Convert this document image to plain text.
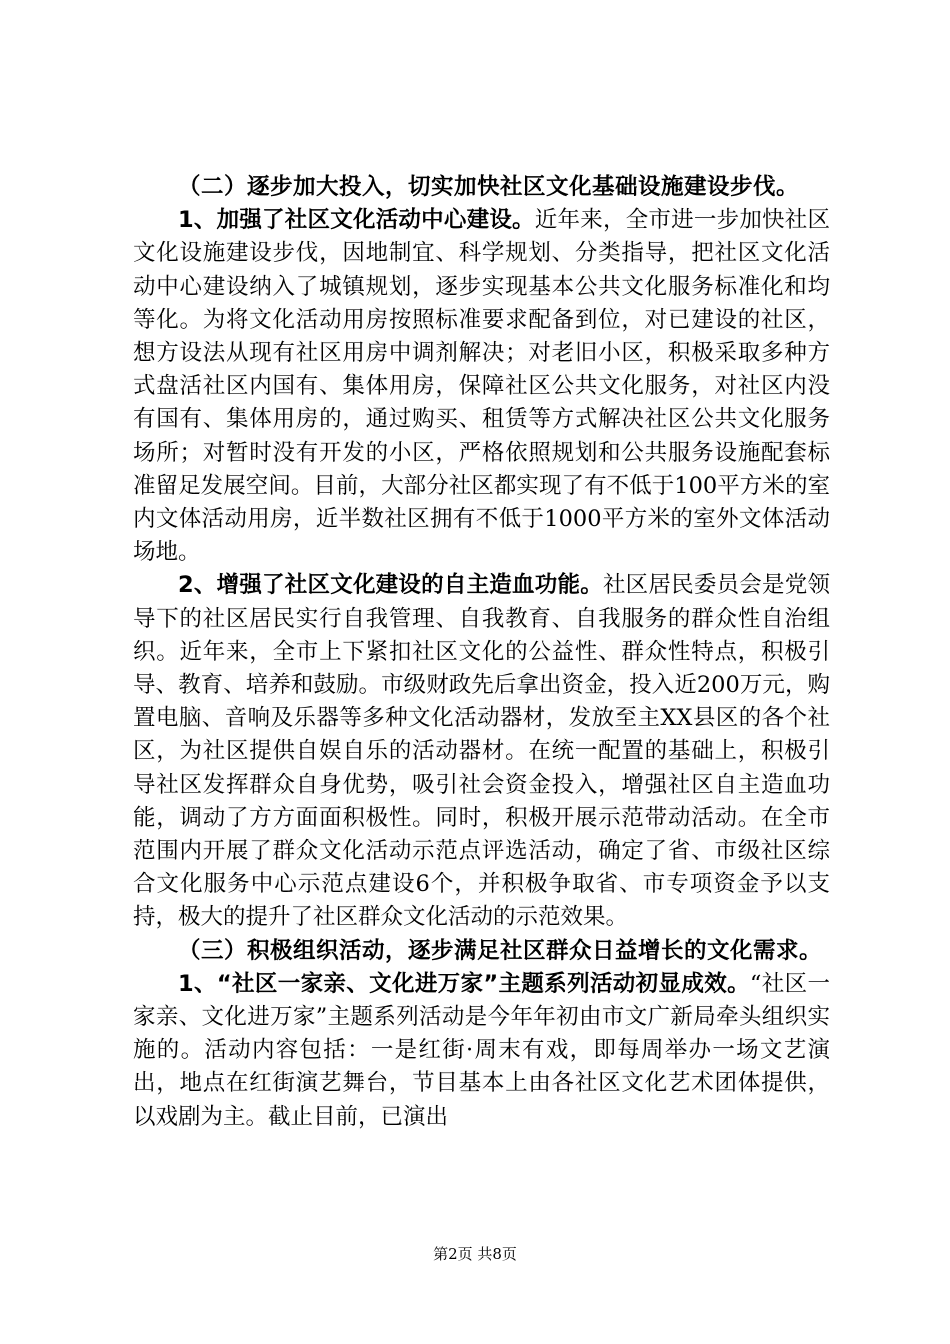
（二）逐步加大投入，切实加快社区文化基础设施建设步伐。

1、加强了社区文化活动中心建设。近年来，全市进一步加快社区文化设施建设步伐，因地制宜、科学规划、分类指导，把社区文化活动中心建设纳入了城镇规划，逐步实现基本公共文化服务标准化和均等化。为将文化活动用房按照标准要求配备到位，对已建设的社区，想方设法从现有社区用房中调剂解决；对老旧小区，积极采取多种方式盘活社区内国有、集体用房，保障社区公共文化服务，对社区内没有国有、集体用房的，通过购买、租赁等方式解决社区公共文化服务场所；对暂时没有开发的小区，严格依照规划和公共服务设施配套标准留足发展空间。目前，大部分社区都实现了有不低于100平方米的室内文体活动用房，近半数社区拥有不低于1000平方米的室外文体活动场地。

2、增强了社区文化建设的自主造血功能。社区居民委员会是党领导下的社区居民实行自我管理、自我教育、自我服务的群众性自治组织。近年来，全市上下紧扣社区文化的公益性、群众性特点，积极引导、教育、培养和鼓励。市级财政先后拿出资金，投入近200万元，购置电脑、音响及乐器等多种文化活动器材，发放至主XX县区的各个社区，为社区提供自娱自乐的活动器材。在统一配置的基础上，积极引导社区发挥群众自身优势，吸引社会资金投入，增强社区自主造血功能，调动了方方面面积极性。同时，积极开展示范带动活动。在全市范围内开展了群众文化活动示范点评选活动，确定了省、市级社区综合文化服务中心示范点建设6个，并积极争取省、市专项资金予以支持，极大的提升了社区群众文化活动的示范效果。

（三）积极组织活动，逐步满足社区群众日益增长的文化需求。

1、“社区一家亲、文化进万家”主题系列活动初显成效。“社区一家亲、文化进万家”主题系列活动是今年年初由市文广新局牵头组织实施的。活动内容包括：一是红街·周末有戏，即每周举办一场文艺演出，地点在红街演艺舞台，节目基本上由各社区文化艺术团体提供，以戏剧为主。截止目前，已演出

第2页 共8页
